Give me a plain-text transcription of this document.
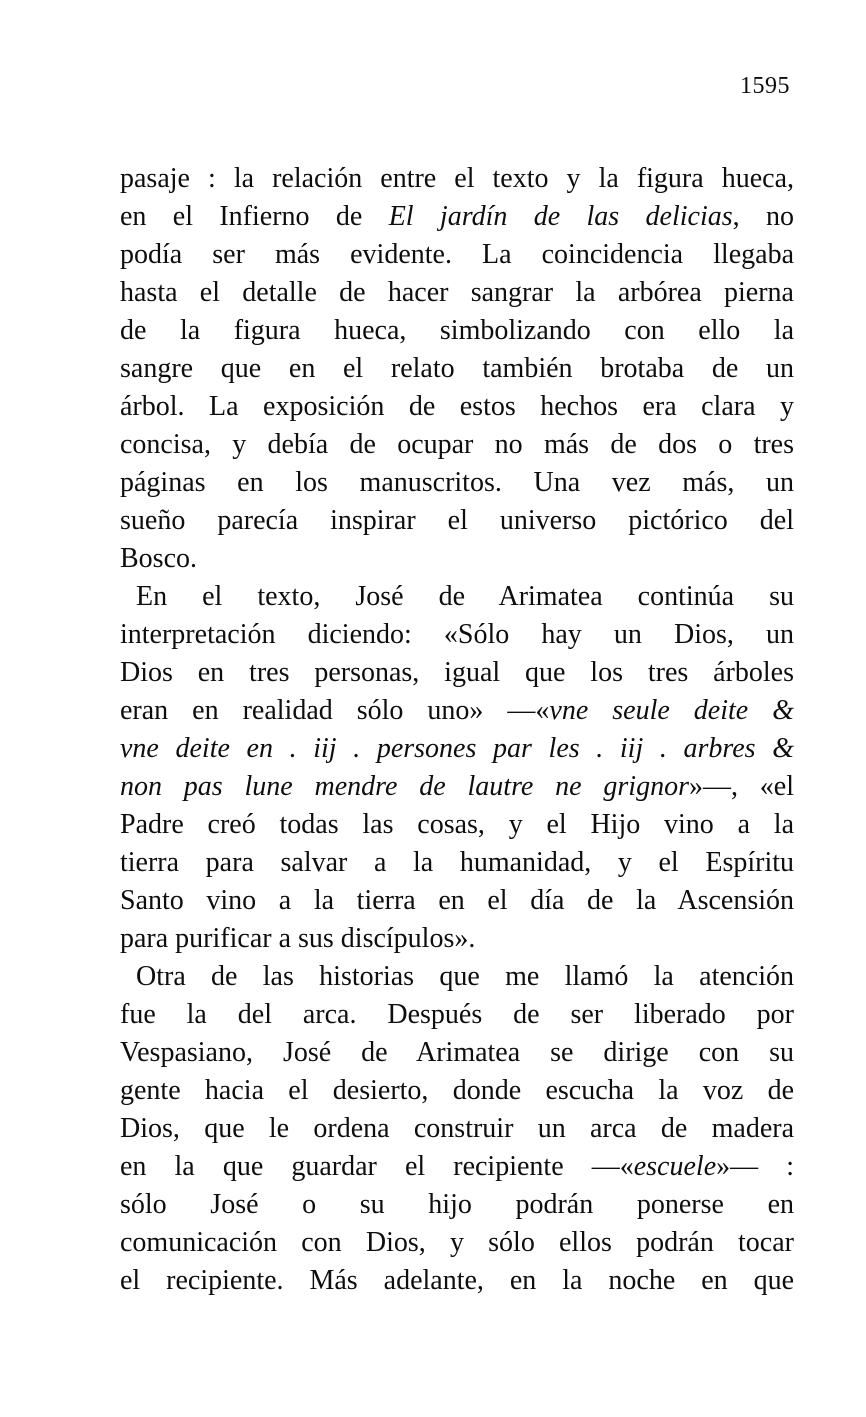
1595
pasaje : la relación entre el texto y la figura hueca,
en el Infierno de El jardín de las delicias, no
podía ser más evidente. La coincidencia llegaba
hasta el detalle de hacer sangrar la arbórea pierna
de la figura hueca, simbolizando con ello la
sangre que en el relato también brotaba de un
árbol. La exposición de estos hechos era clara y
concisa, y debía de ocupar no más de dos o tres
páginas en los manuscritos. Una vez más, un
sueño parecía inspirar el universo pictórico del
Bosco.
En el texto, José de Arimatea continúa su
interpretación diciendo: «Sólo hay un Dios, un
Dios en tres personas, igual que los tres árboles
eran en realidad sólo uno» —«vne seule deite &
vne deite en . iij . persones par les . iij . arbres &
non pas lune mendre de lautre ne grignor»—, «el
Padre creó todas las cosas, y el Hijo vino a la
tierra para salvar a la humanidad, y el Espíritu
Santo vino a la tierra en el día de la Ascensión
para purificar a sus discípulos».
Otra de las historias que me llamó la atención
fue la del arca. Después de ser liberado por
Vespasiano, José de Arimatea se dirige con su
gente hacia el desierto, donde escucha la voz de
Dios, que le ordena construir un arca de madera
en la que guardar el recipiente —«escuele»— :
sólo José o su hijo podrán ponerse en
comunicación con Dios, y sólo ellos podrán tocar
el recipiente. Más adelante, en la noche en que
